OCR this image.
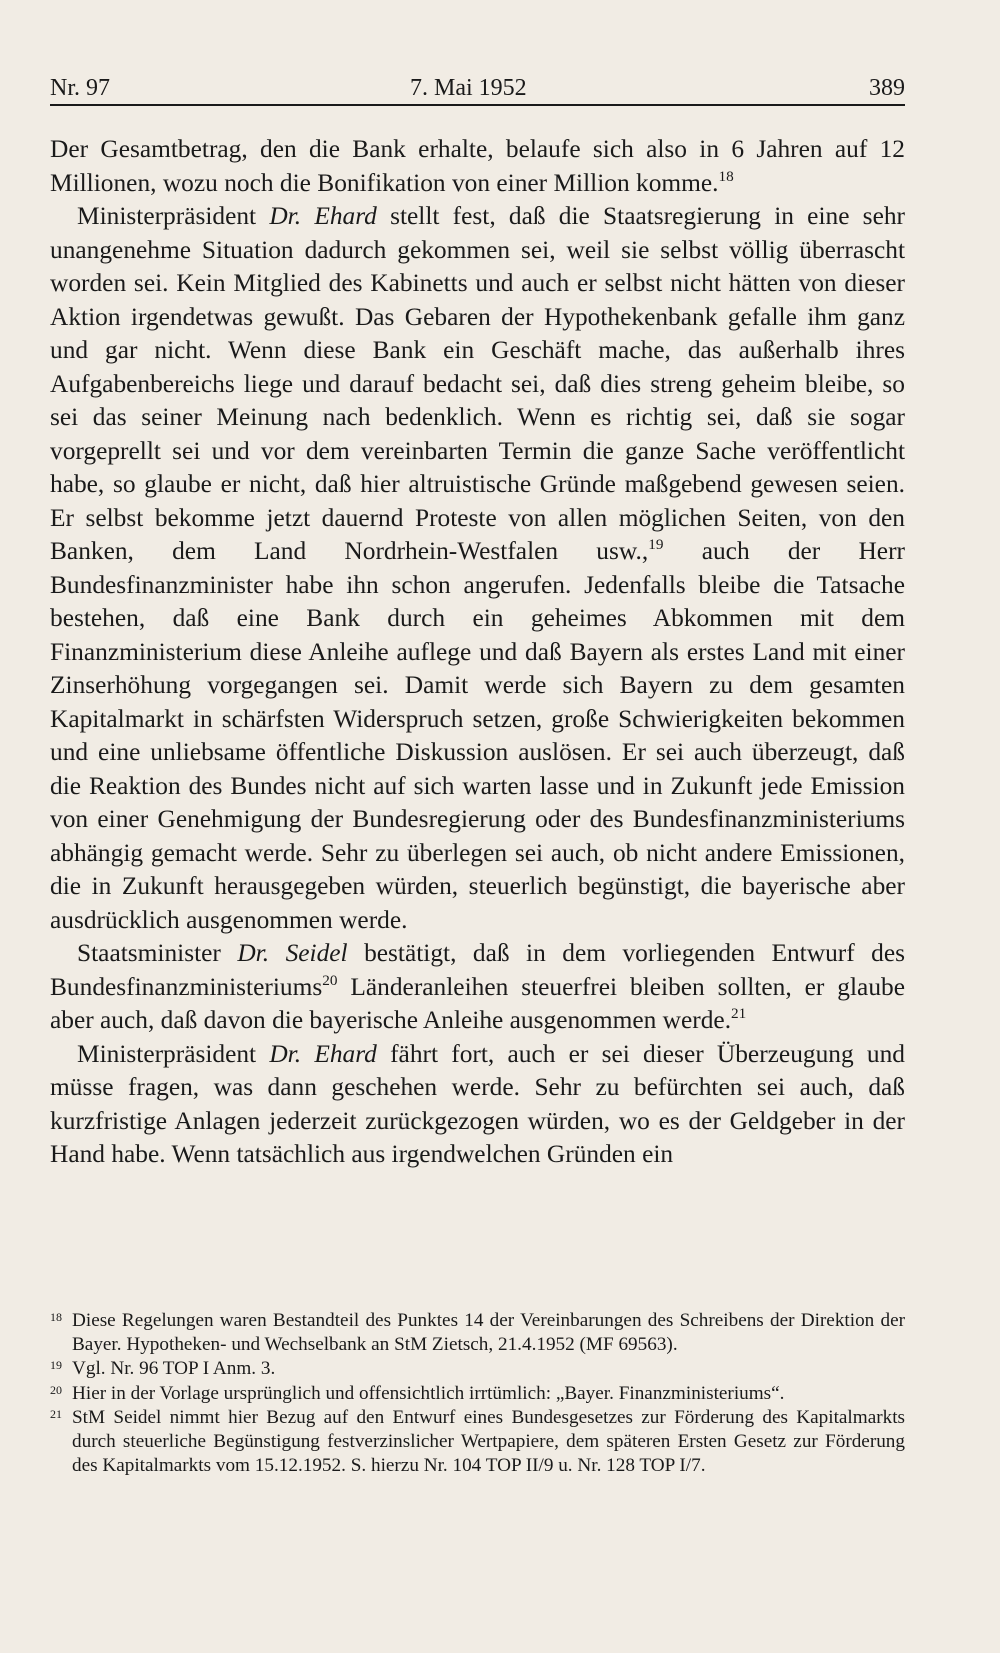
Nr. 97	7. Mai 1952	389

Der Gesamtbetrag, den die Bank erhalte, belaufe sich also in 6 Jahren auf 12 Millionen, wozu noch die Bonifikation von einer Million komme.$^{18}$

Ministerpräsident Dr. Ehard stellt fest, daß die Staatsregierung in eine sehr unangenehme Situation dadurch gekommen sei, weil sie selbst völlig überrascht worden sei. Kein Mitglied des Kabinetts und auch er selbst nicht hätten von dieser Aktion irgendetwas gewußt. Das Gebaren der Hypothekenbank gefalle ihm ganz und gar nicht. Wenn diese Bank ein Geschäft mache, das außerhalb ihres Aufgabenbereichs liege und darauf bedacht sei, daß dies streng geheim bleibe, so sei das seiner Meinung nach bedenklich. Wenn es richtig sei, daß sie sogar vorgeprellt sei und vor dem vereinbarten Termin die ganze Sache veröffentlicht habe, so glaube er nicht, daß hier altruistische Gründe maßgebend gewesen seien. Er selbst bekomme jetzt dauernd Proteste von allen möglichen Seiten, von den Banken, dem Land Nordrhein-Westfalen usw.,$^{19}$ auch der Herr Bundesfinanzminister habe ihn schon angerufen. Jedenfalls bleibe die Tatsache bestehen, daß eine Bank durch ein geheimes Abkommen mit dem Finanzministerium diese Anleihe auflege und daß Bayern als erstes Land mit einer Zinserhöhung vorgegangen sei. Damit werde sich Bayern zu dem gesamten Kapitalmarkt in schärfsten Widerspruch setzen, große Schwierigkeiten bekommen und eine unliebsame öffentliche Diskussion auslösen. Er sei auch überzeugt, daß die Reaktion des Bundes nicht auf sich warten lasse und in Zukunft jede Emission von einer Genehmigung der Bundesregierung oder des Bundesfinanzministeriums abhängig gemacht werde. Sehr zu überlegen sei auch, ob nicht andere Emissionen, die in Zukunft herausgegeben würden, steuerlich begünstigt, die bayerische aber ausdrücklich ausgenommen werde.

Staatsminister Dr. Seidel bestätigt, daß in dem vorliegenden Entwurf des Bundesfinanzministeriums$^{20}$ Länderanleihen steuerfrei bleiben sollten, er glaube aber auch, daß davon die bayerische Anleihe ausgenommen werde.$^{21}$

Ministerpräsident Dr. Ehard fährt fort, auch er sei dieser Überzeugung und müsse fragen, was dann geschehen werde. Sehr zu befürchten sei auch, daß kurzfristige Anlagen jederzeit zurückgezogen würden, wo es der Geldgeber in der Hand habe. Wenn tatsächlich aus irgendwelchen Gründen ein

18 Diese Regelungen waren Bestandteil des Punktes 14 der Vereinbarungen des Schreibens der Direktion der Bayer. Hypotheken- und Wechselbank an StM Zietsch, 21.4.1952 (MF 69563).

19 Vgl. Nr. 96 TOP I Anm. 3.

20 Hier in der Vorlage ursprünglich und offensichtlich irrtümlich: „Bayer. Finanzministeriums“.

21 StM Seidel nimmt hier Bezug auf den Entwurf eines Bundesgesetzes zur Förderung des Kapitalmarkts durch steuerliche Begünstigung festverzinslicher Wertpapiere, dem späteren Ersten Gesetz zur Förderung des Kapitalmarkts vom 15.12.1952. S. hierzu Nr. 104 TOP II/9 u. Nr. 128 TOP I/7.
